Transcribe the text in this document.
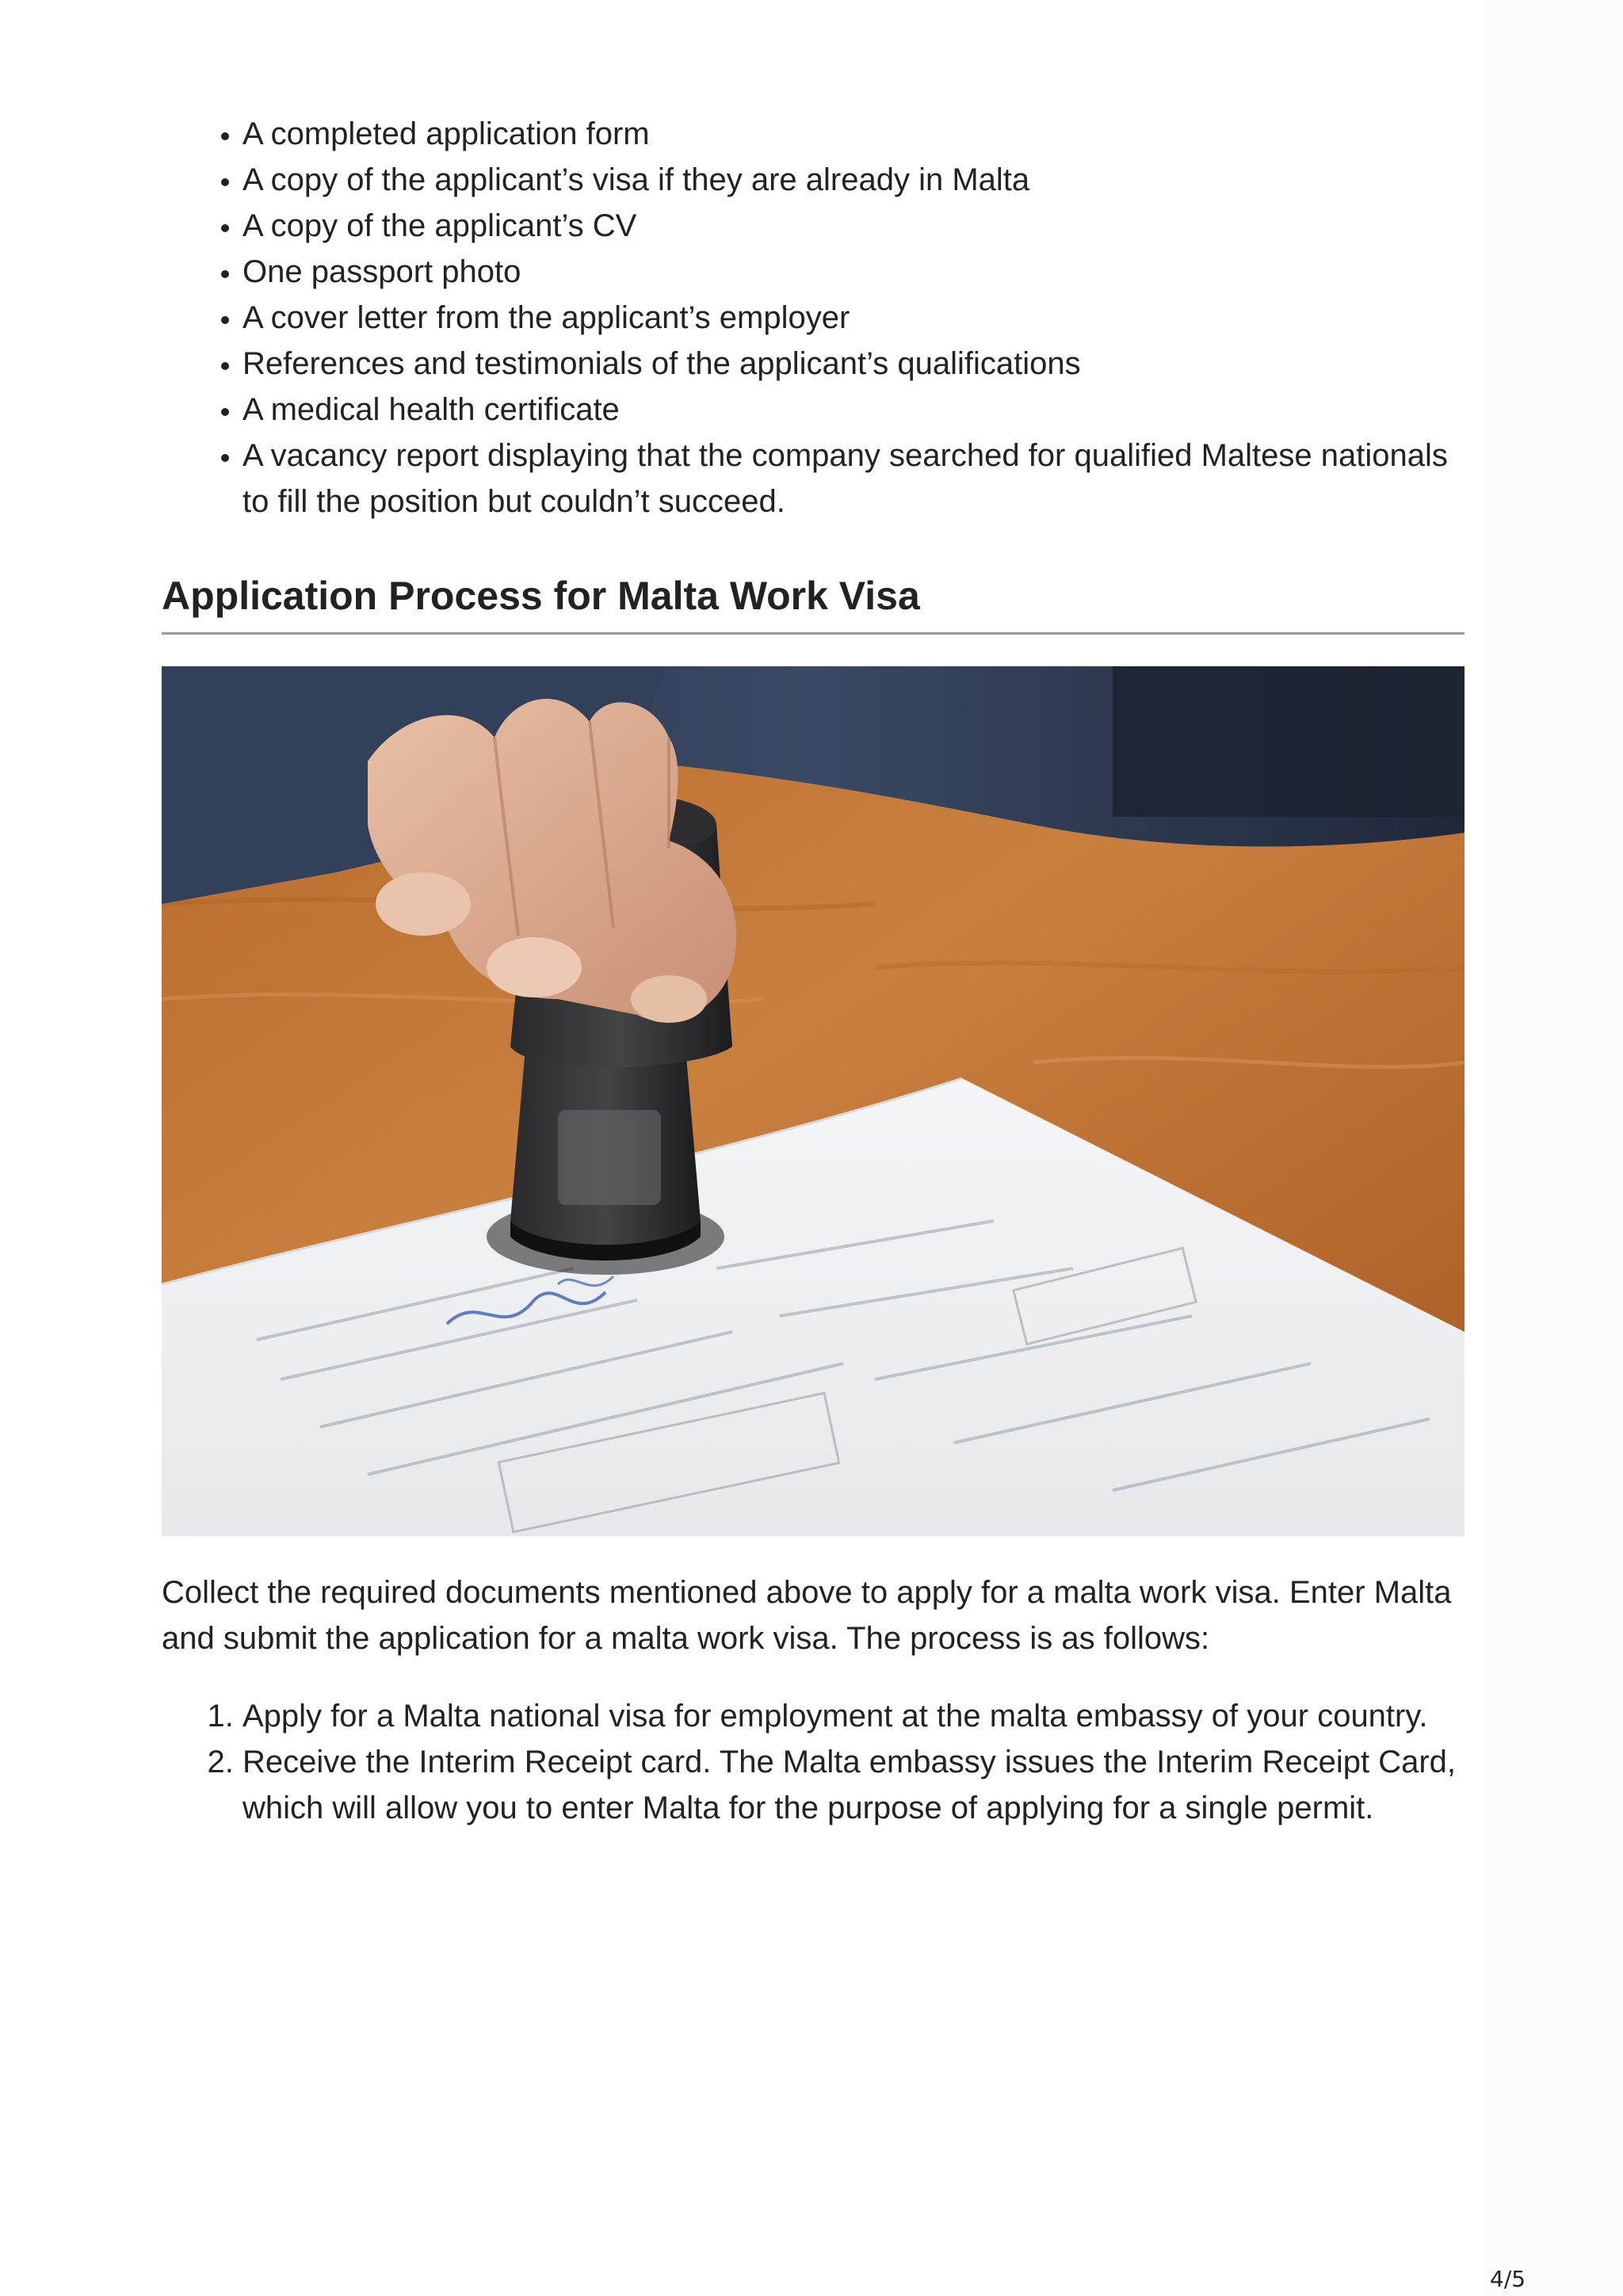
• A completed application form
• A copy of the applicant’s visa if they are already in Malta
• A copy of the applicant’s CV
• One passport photo
• A cover letter from the applicant’s employer
• References and testimonials of the applicant’s qualifications
• A medical health certificate
• A vacancy report displaying that the company searched for qualified Maltese nationals to fill the position but couldn’t succeed.
Application Process for Malta Work Visa

Collect the required documents mentioned above to apply for a malta work visa. Enter Malta and submit the application for a malta work visa. The process is as follows:

1. Apply for a Malta national visa for employment at the malta embassy of your country.
2. Receive the Interim Receipt card. The Malta embassy issues the Interim Receipt Card, which will allow you to enter Malta for the purpose of applying for a single permit.
4/5
